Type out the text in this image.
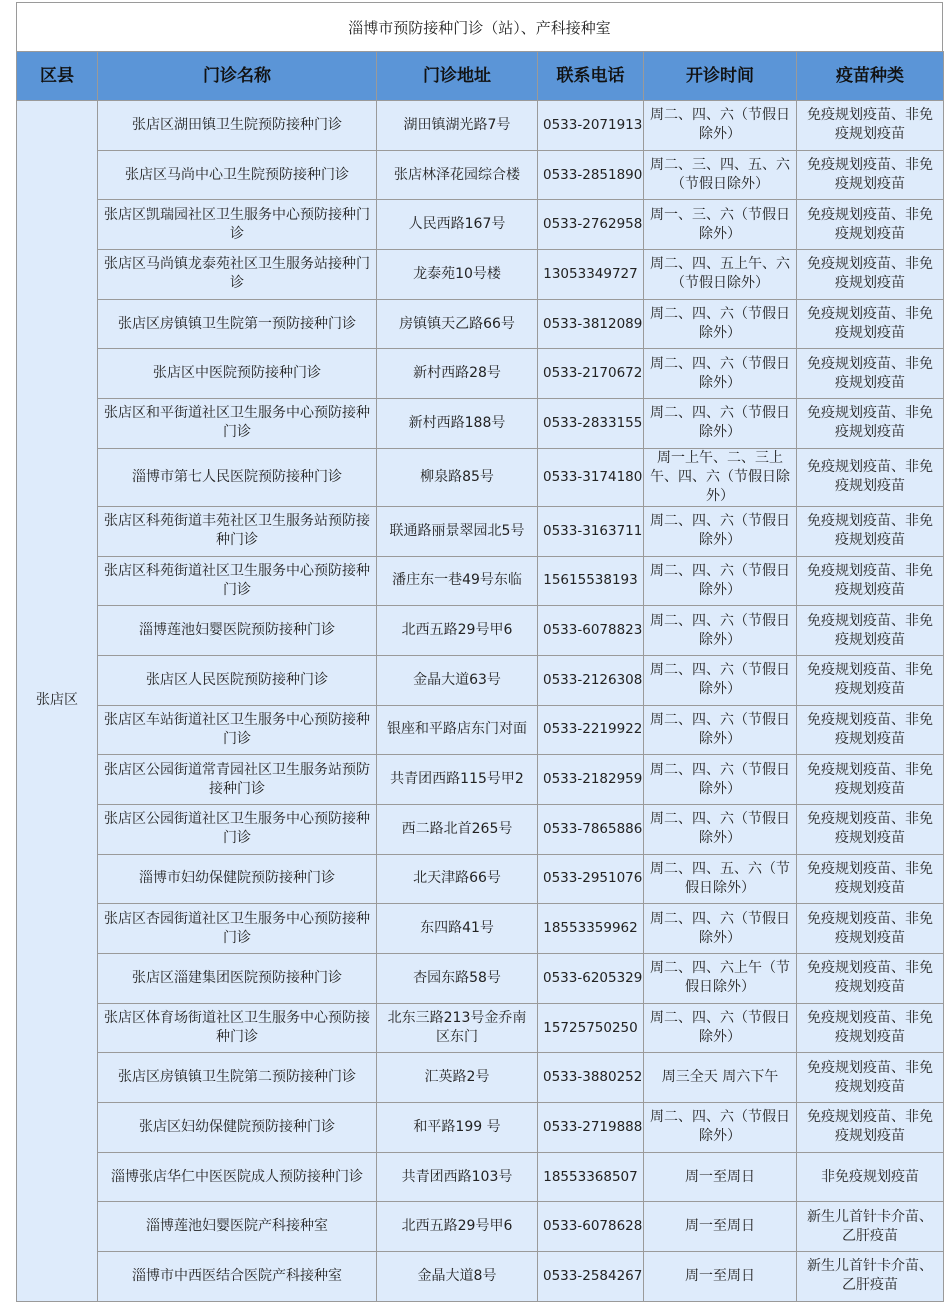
淄博市预防接种门诊（站）、产科接种室
区县	门诊名称	门诊地址	联系电话	开诊时间	疫苗种类
张店区	张店区湖田镇卫生院预防接种门诊	湖田镇湖光路7号	0533-2071913	周二、四、六（节假日除外）	免疫规划疫苗、非免疫规划疫苗
	张店区马尚中心卫生院预防接种门诊	张店林泽花园综合楼	0533-2851890	周二、三、四、五、六（节假日除外）	免疫规划疫苗、非免疫规划疫苗
	张店区凯瑞园社区卫生服务中心预防接种门诊	人民西路167号	0533-2762958	周一、三、六（节假日除外）	免疫规划疫苗、非免疫规划疫苗
	张店区马尚镇龙泰苑社区卫生服务站接种门诊	龙泰苑10号楼	13053349727	周二、四、五上午、六（节假日除外）	免疫规划疫苗、非免疫规划疫苗
	张店区房镇镇卫生院第一预防接种门诊	房镇镇天乙路66号	0533-3812089	周二、四、六（节假日除外）	免疫规划疫苗、非免疫规划疫苗
	张店区中医院预防接种门诊	新村西路28号	0533-2170672	周二、四、六（节假日除外）	免疫规划疫苗、非免疫规划疫苗
	张店区和平街道社区卫生服务中心预防接种门诊	新村西路188号	0533-2833155	周二、四、六（节假日除外）	免疫规划疫苗、非免疫规划疫苗
	淄博市第七人民医院预防接种门诊	柳泉路85号	0533-3174180	周一上午、二、三上午、四、六（节假日除外）	免疫规划疫苗、非免疫规划疫苗
	张店区科苑街道丰苑社区卫生服务站预防接种门诊	联通路丽景翠园北5号	0533-3163711	周二、四、六（节假日除外）	免疫规划疫苗、非免疫规划疫苗
	张店区科苑街道社区卫生服务中心预防接种门诊	潘庄东一巷49号东临	15615538193	周二、四、六（节假日除外）	免疫规划疫苗、非免疫规划疫苗
	淄博莲池妇婴医院预防接种门诊	北西五路29号甲6	0533-6078823	周二、四、六（节假日除外）	免疫规划疫苗、非免疫规划疫苗
	张店区人民医院预防接种门诊	金晶大道63号	0533-2126308	周二、四、六（节假日除外）	免疫规划疫苗、非免疫规划疫苗
	张店区车站街道社区卫生服务中心预防接种门诊	银座和平路店东门对面	0533-2219922	周二、四、六（节假日除外）	免疫规划疫苗、非免疫规划疫苗
	张店区公园街道常青园社区卫生服务站预防接种门诊	共青团西路115号甲2	0533-2182959	周二、四、六（节假日除外）	免疫规划疫苗、非免疫规划疫苗
	张店区公园街道社区卫生服务中心预防接种门诊	西二路北首265号	0533-7865886	周二、四、六（节假日除外）	免疫规划疫苗、非免疫规划疫苗
	淄博市妇幼保健院预防接种门诊	北天津路66号	0533-2951076	周二、四、五、六（节假日除外）	免疫规划疫苗、非免疫规划疫苗
	张店区杏园街道社区卫生服务中心预防接种门诊	东四路41号	18553359962	周二、四、六（节假日除外）	免疫规划疫苗、非免疫规划疫苗
	张店区淄建集团医院预防接种门诊	杏园东路58号	0533-6205329	周二、四、六上午（节假日除外）	免疫规划疫苗、非免疫规划疫苗
	张店区体育场街道社区卫生服务中心预防接种门诊	北东三路213号金乔南区东门	15725750250	周二、四、六（节假日除外）	免疫规划疫苗、非免疫规划疫苗
	张店区房镇镇卫生院第二预防接种门诊	汇英路2号	0533-3880252	周三全天 周六下午	免疫规划疫苗、非免疫规划疫苗
	张店区妇幼保健院预防接种门诊	和平路199 号	0533-2719888	周二、四、六（节假日除外）	免疫规划疫苗、非免疫规划疫苗
	淄博张店华仁中医医院成人预防接种门诊	共青团西路103号	18553368507	周一至周日	非免疫规划疫苗
	淄博莲池妇婴医院产科接种室	北西五路29号甲6	0533-6078628	周一至周日	新生儿首针卡介苗、乙肝疫苗
	淄博市中西医结合医院产科接种室	金晶大道8号	0533-2584267	周一至周日	新生儿首针卡介苗、乙肝疫苗
